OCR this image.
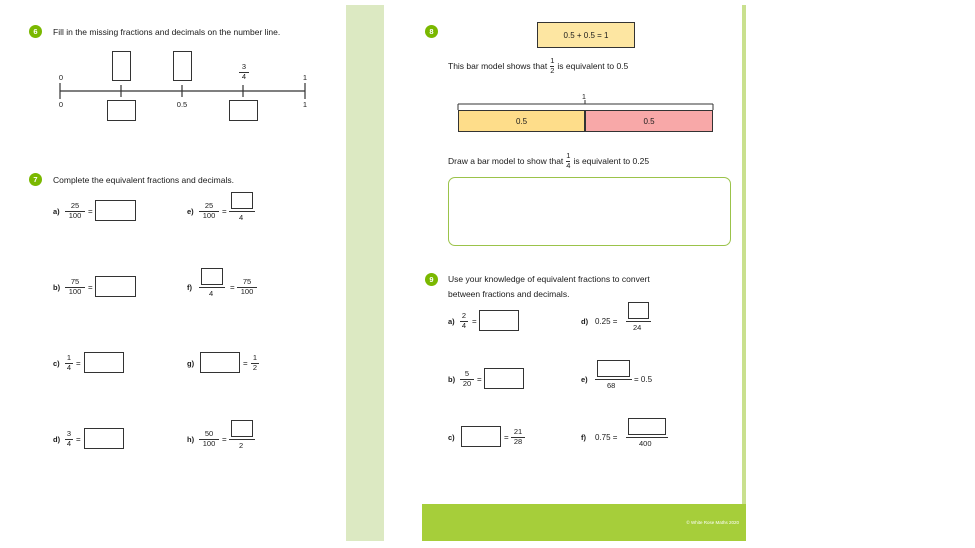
© White Rose Maths 2020
6	Fill in the missing fractions and decimals on the number line.
0	1
3
4
0	0.5	1
7	Complete the equivalent fractions and decimals.
a)
25
100 =
b)
75
100 =
c)
1
4 =
d)
3
4 =
e)
25
100 =
4
f)
4
=
75
100
g)	=
1
2
h)
50
100 =
2
8	0.5 + 0.5 = 1
This bar model shows that $\frac{1}{2}$ is equivalent to 0.5
1
0.5	0.5
Draw a bar model to show that $\frac{1}{4}$ is equivalent to 0.25
9	Use your knowledge of equivalent fractions to convert
between fractions and decimals.
a)
2
4 =
b)
5
20 =
c)	=
21
28
d) 0.25 =
24
e)
68
= 0.5
f) 0.75 =
400
